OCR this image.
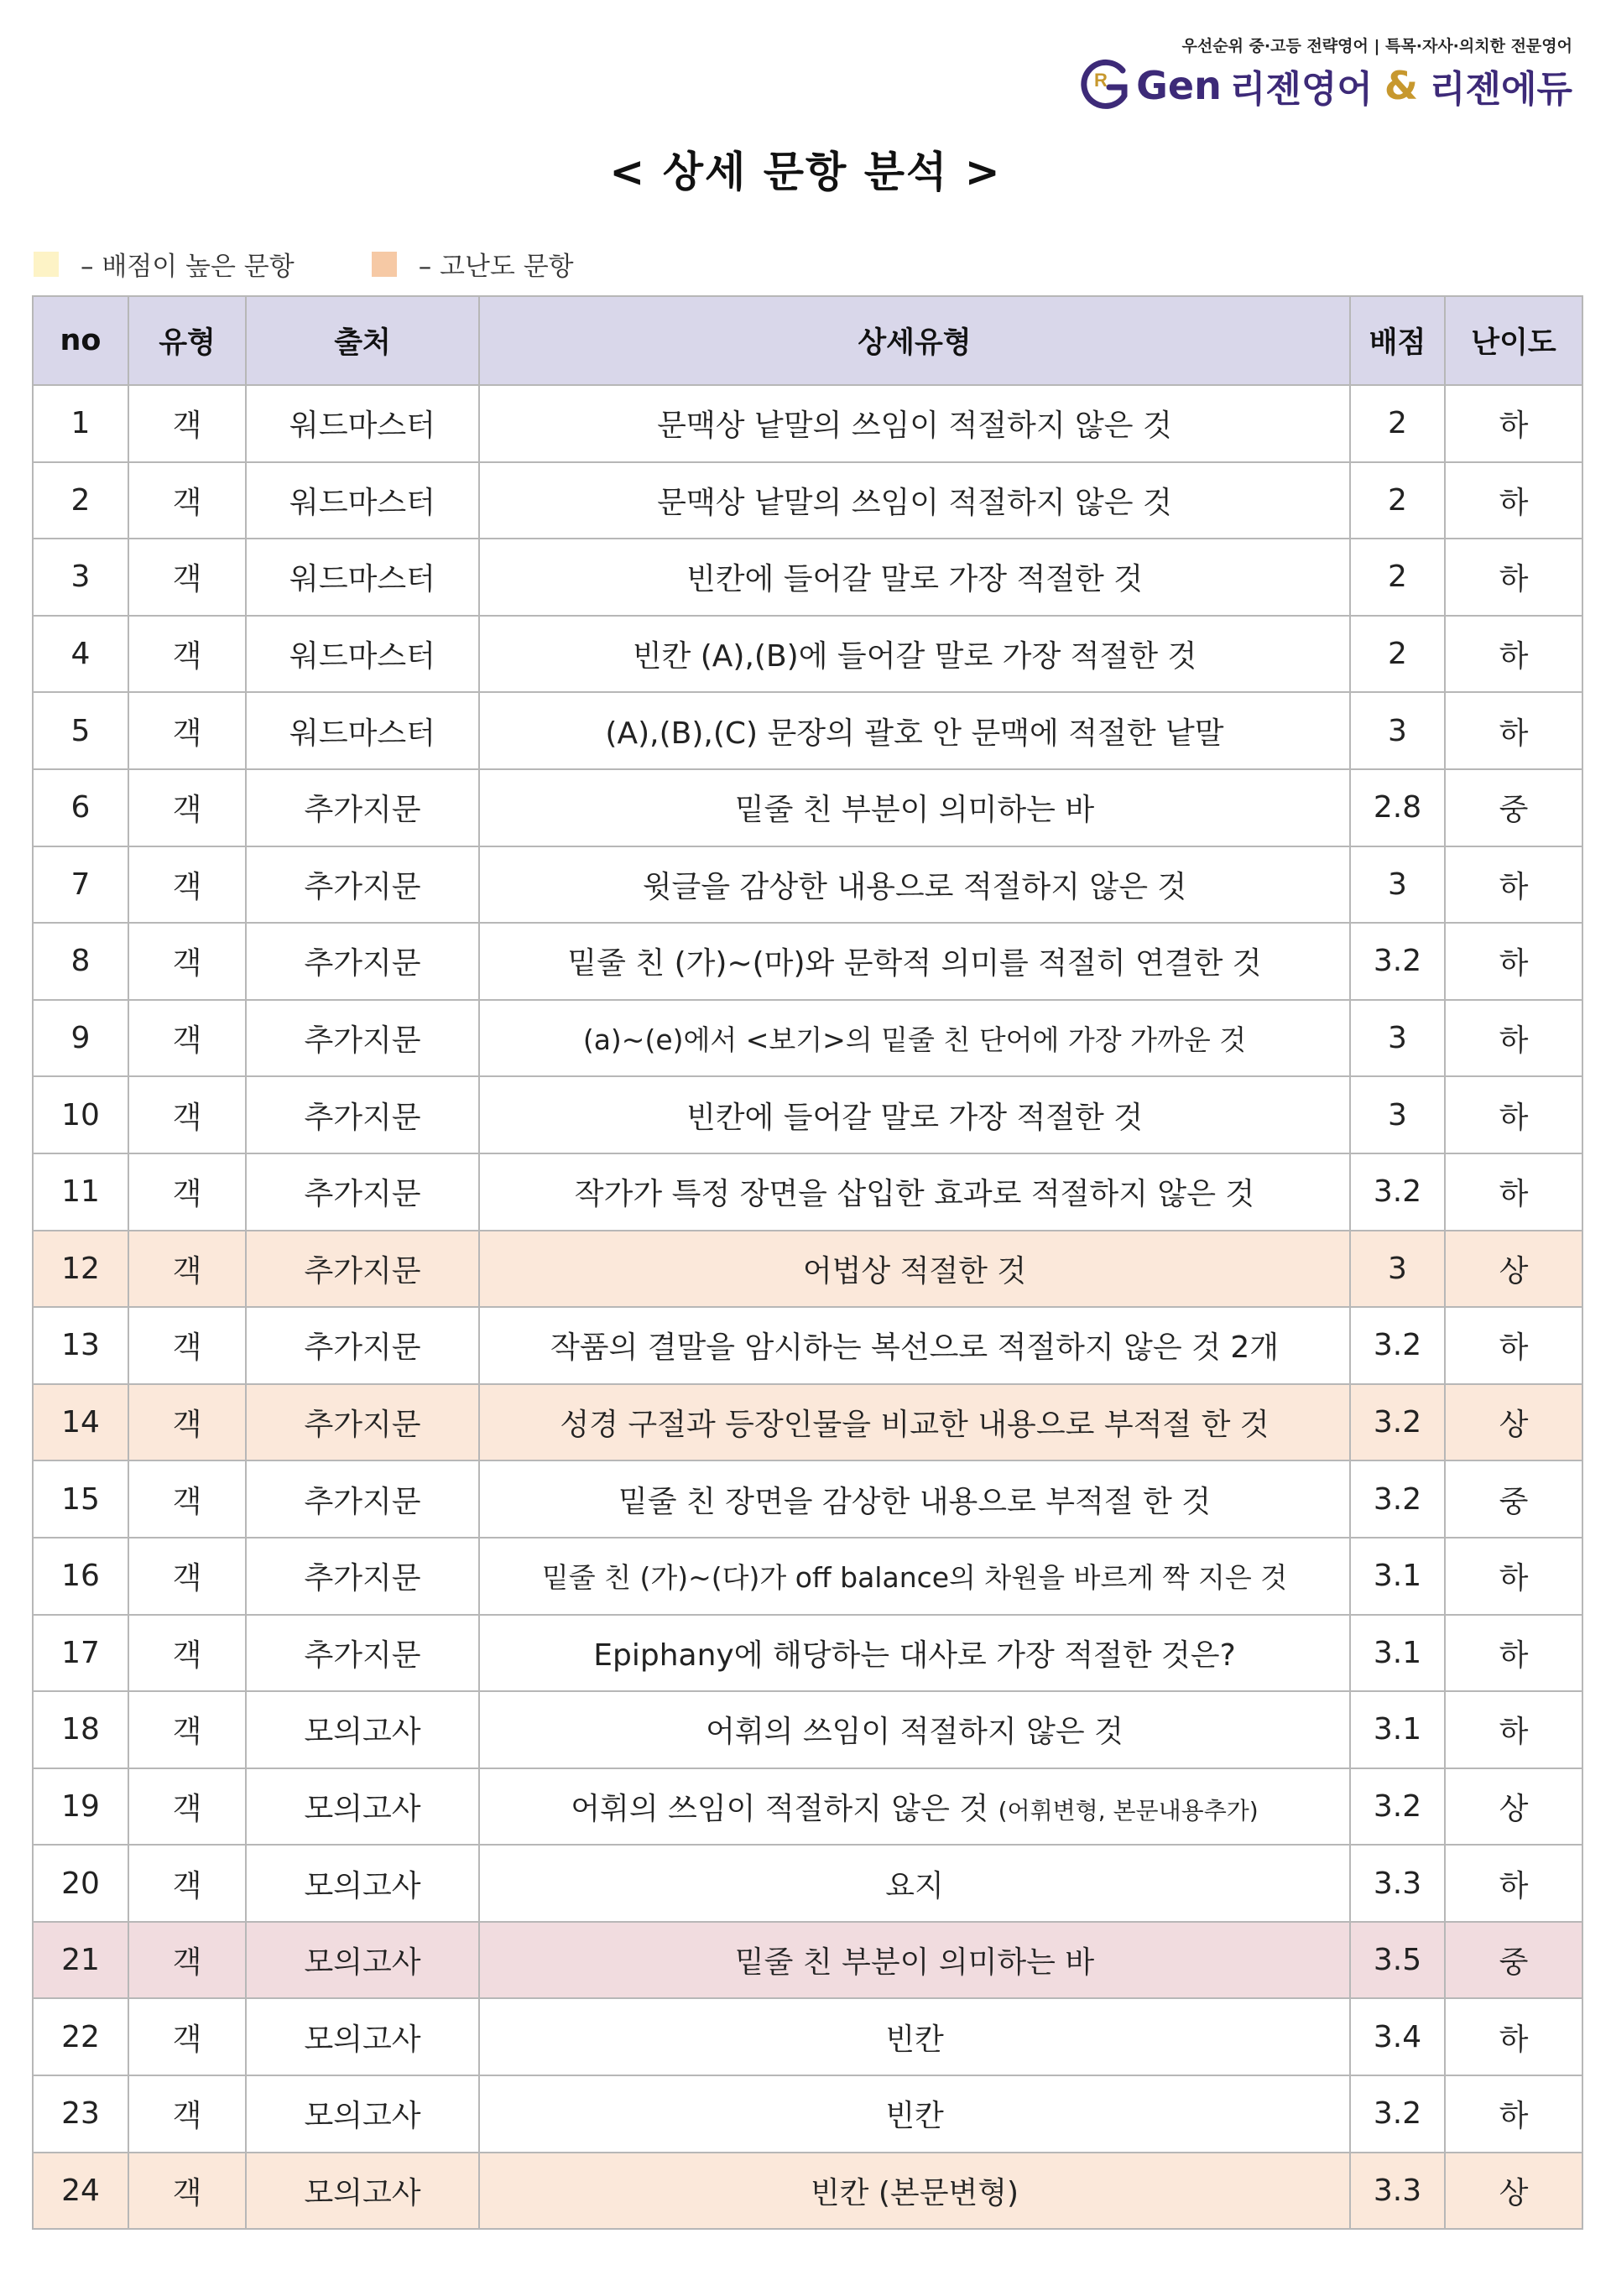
우선순위 중·고등 전략영어 | 특목·자사·의치한 전문영어
R Gen 리젠영어 & 리젠에듀
< 상세 문항 분석 >
– 배점이 높은 문항	– 고난도 문항
no	유형	출처	상세유형	배점	난이도
1	객	워드마스터	문맥상 낱말의 쓰임이 적절하지 않은 것	2	하
2	객	워드마스터	문맥상 낱말의 쓰임이 적절하지 않은 것	2	하
3	객	워드마스터	빈칸에 들어갈 말로 가장 적절한 것	2	하
4	객	워드마스터	빈칸 (A),(B)에 들어갈 말로 가장 적절한 것	2	하
5	객	워드마스터	(A),(B),(C) 문장의 괄호 안 문맥에 적절한 낱말	3	하
6	객	추가지문	밑줄 친 부분이 의미하는 바	2.8	중
7	객	추가지문	윗글을 감상한 내용으로 적절하지 않은 것	3	하
8	객	추가지문	밑줄 친 (가)~(마)와 문학적 의미를 적절히 연결한 것	3.2	하
9	객	추가지문	(a)~(e)에서 <보기>의 밑줄 친 단어에 가장 가까운 것	3	하
10	객	추가지문	빈칸에 들어갈 말로 가장 적절한 것	3	하
11	객	추가지문	작가가 특정 장면을 삽입한 효과로 적절하지 않은 것	3.2	하
12	객	추가지문	어법상 적절한 것	3	상
13	객	추가지문	작품의 결말을 암시하는 복선으로 적절하지 않은 것 2개	3.2	하
14	객	추가지문	성경 구절과 등장인물을 비교한 내용으로 부적절 한 것	3.2	상
15	객	추가지문	밑줄 친 장면을 감상한 내용으로 부적절 한 것	3.2	중
16	객	추가지문	밑줄 친 (가)~(다)가 off balance의 차원을 바르게 짝 지은 것	3.1	하
17	객	추가지문	Epiphany에 해당하는 대사로 가장 적절한 것은?	3.1	하
18	객	모의고사	어휘의 쓰임이 적절하지 않은 것	3.1	하
19	객	모의고사	어휘의 쓰임이 적절하지 않은 것 (어휘변형, 본문내용추가)	3.2	상
20	객	모의고사	요지	3.3	하
21	객	모의고사	밑줄 친 부분이 의미하는 바	3.5	중
22	객	모의고사	빈칸	3.4	하
23	객	모의고사	빈칸	3.2	하
24	객	모의고사	빈칸 (본문변형)	3.3	상
